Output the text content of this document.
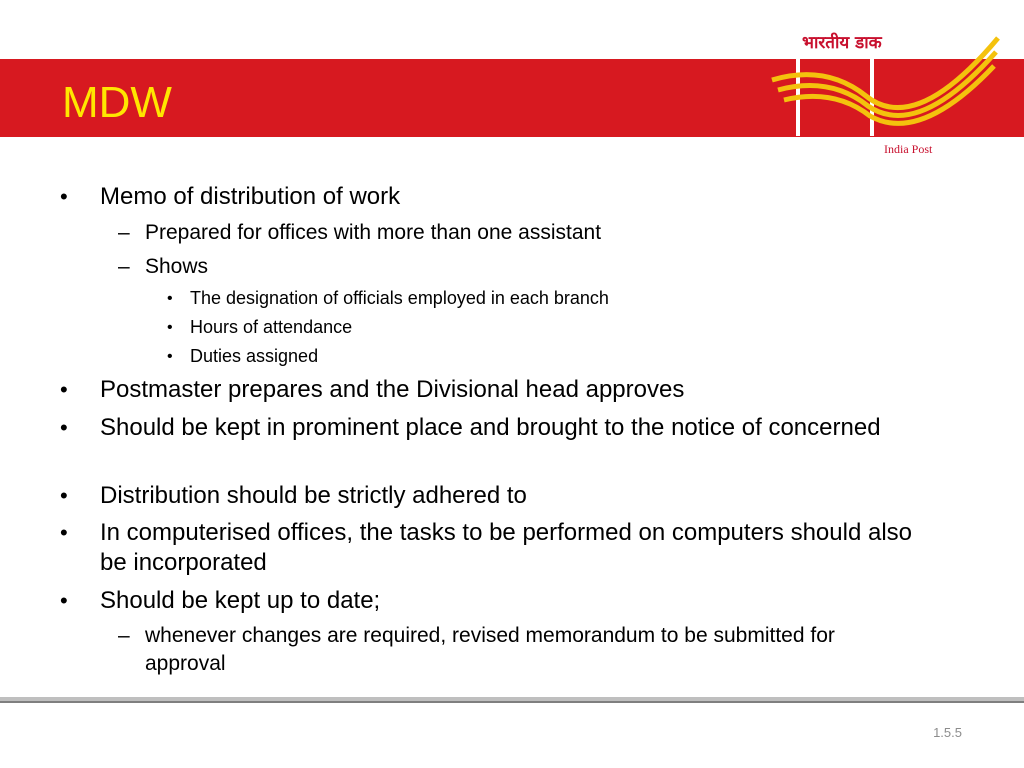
MDW
भारतीय डाक
India Post

• Memo of distribution of work

– Prepared for offices with more than one assistant

– Shows

• The designation of officials employed in each branch

• Hours of attendance

• Duties assigned

• Postmaster prepares and the Divisional head approves

• Should be kept in prominent place and brought to the notice of concerned

• Distribution should be strictly adhered to

• In computerised offices, the tasks to be performed on computers should also be incorporated

• Should be kept up to date;

– whenever changes are required, revised memorandum to be submitted for approval

1.5.5
